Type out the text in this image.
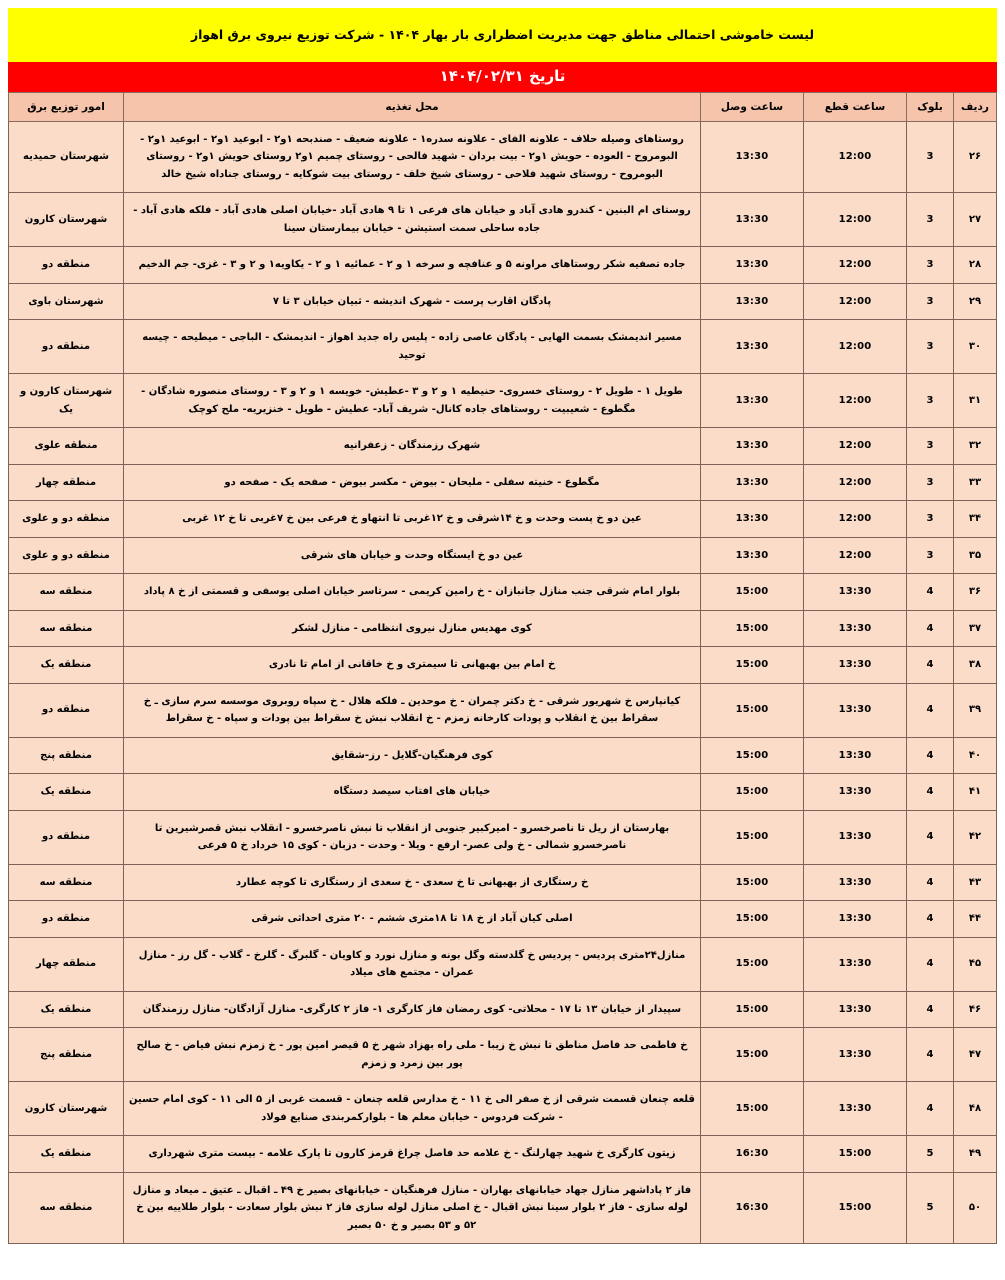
لیست خاموشی احتمالی مناطق جهت مدیریت اضطراری بار بهار ۱۴۰۴ - شرکت توزیع نیروی برق اهواز
تاریخ ۱۴۰۴/۰۲/۳۱
ردیف	بلوک	ساعت قطع	ساعت وصل	محل تغذیه	امور توزیع برق
۲۶	3	12:00	13:30	روستاهای وصیله حلاف - علاونه الفای - علاونه سدره۱ - علاونه ضعیف - صندبحه ۱و۲ - ابوعید ۱و۲ - ابوعید ۱و۲ - البومروح - العوده - حویش ۱و۲ - بیت بردان - شهید فالحی - روستای چمیم ۱و۲ روستای حویش ۱و۲ - روستای البومروح - روستای شهید فلاحی - روستای شیخ خلف - روستای بیت شوکایه - روستای جناداه شیخ خالد	شهرستان حمیدیه
۲۷	3	12:00	13:30	روستای ام البنین - کندرو هادی آباد و خیابان های فرعی ۱ تا ۹ هادی آباد -خیابان اصلی هادی آباد - فلکه هادی آباد - جاده ساحلی سمت استیشن - خیابان بیمارستان سینا	شهرستان کارون
۲۸	3	12:00	13:30	جاده تصفیه شکر روستاهای مراونه ۵ و عنافچه و سرخه ۱ و ۲ - عمائیه ۱ و ۲ - یکاویه۱ و ۲ و ۳ - غزی- جم الدخیم	منطقه دو
۲۹	3	12:00	13:30	پادگان اقارب پرست - شهرک اندیشه - ثبیان خیابان ۳ تا ۷	شهرستان باوی
۳۰	3	12:00	13:30	مسیر اندیمشک بسمت الهایی - پادگان عاصی زاده - پلیس راه جدید اهواز - اندیمشک - الباجی - میطیحه - چیسه توحید	منطقه دو
۳۱	3	12:00	13:30	طویل ۱ - طویل ۲ - روستای خسروی- حنیطیه ۱ و ۲ و ۳ -عطیش- خویسه ۱ و ۲ و ۳ - روستای منصوره شادگان - مگطوع - شعیبیت - روستاهای جاده کانال- شریف آباد- عطیش - طویل - خنزیریه- ملح کوچک	شهرستان کارون و یک
۳۲	3	12:00	13:30	شهرک رزمندگان - زعفرانیه	منطقه علوی
۳۳	3	12:00	13:30	مگطوع - خنیته سفلی - ملیحان - بیوض - مکسر بیوض - صفحه یک - صفحه دو	منطقه چهار
۳۴	3	12:00	13:30	عین دو خ پست وحدت و خ ۱۴شرقی و خ ۱۲غربی تا انتهاو خ فرعی بین خ ۷غربی تا خ ۱۲ غربی	منطقه دو و علوی
۳۵	3	12:00	13:30	عین دو خ ایستگاه وحدت و خیابان های شرقی	منطقه دو و علوی
۳۶	4	13:30	15:00	بلوار امام شرقی جنب منازل جانبازان - خ رامین کریمی - سرتاسر خیابان اصلی یوسفی و قسمتی از خ ۸ پاداد	منطقه سه
۳۷	4	13:30	15:00	کوی مهدیس منازل نیروی انتظامی - منازل لشکر	منطقه سه
۳۸	4	13:30	15:00	خ امام بین بهبهانی تا سیمتری و خ خاقانی از امام تا نادری	منطقه یک
۳۹	4	13:30	15:00	کیانپارس خ شهریور شرقی - خ دکتر چمران - خ موحدین ـ فلکه هلال - خ سپاه روبروی موسسه سرم سازی ـ خ سقراط بین خ انقلاب و پودات کارخانه زمزم - خ انقلاب نبش خ سقراط بین پودات و سپاه - خ سقراط	منطقه دو
۴۰	4	13:30	15:00	کوی فرهنگیان-گلایل - رز-شقایق	منطقه پنج
۴۱	4	13:30	15:00	خیابان های افتاب سیصد دستگاه	منطقه یک
۴۲	4	13:30	15:00	بهارستان از ریل تا ناصرخسرو - امیرکبیر جنوبی از انقلاب تا نبش ناصرخسرو - انقلاب نبش قصرشیرین تا ناصرخسرو شمالی - خ ولی عصر- ارفع - ویلا - وحدت - دزبان - کوی ۱۵ خرداد خ ۵ فرعی	منطقه دو
۴۳	4	13:30	15:00	خ رستگاری از بهبهانی تا خ سعدی - خ سعدی از رستگاری تا کوچه عطارد	منطقه سه
۴۴	4	13:30	15:00	اصلی کیان آباد از خ ۱۸ تا ۱۸متری ششم - ۲۰ متری احداثی شرقی	منطقه دو
۴۵	4	13:30	15:00	منازل۲۴متری پردیس - پردیس خ گلدسته وگل بونه و منازل نورد و کاویان - گلبرگ - گلرخ - گلاب - گل رز - منازل عمران - مجتمع های میلاد	منطقه چهار
۴۶	4	13:30	15:00	سپیدار از خیابان ۱۳ تا ۱۷ - محلاتی- کوی رمضان فاز کارگری ۱- فاز ۲ کارگری- منازل آزادگان- منازل رزمندگان	منطقه یک
۴۷	4	13:30	15:00	خ فاطمی حد فاصل مناطق تا نبش خ زیبا - ملی راه بهزاد شهر خ ۵ قیصر امین پور - خ زمزم نبش فیاض - خ صالح پور بین زمرد و زمزم	منطقه پنج
۴۸	4	13:30	15:00	قلعه چنعان قسمت شرقی از خ صفر الی خ ۱۱ - خ مدارس قلعه چنعان - قسمت غربی از ۵ الی ۱۱ - کوی امام حسین - شرکت فردوس - خیابان معلم ها - بلوارکمربندی صنایع فولاد	شهرستان کارون
۴۹	5	15:00	16:30	زیتون کارگری خ شهید چهارلنگ - خ علامه حد فاصل چراغ قرمز کارون تا پارک علامه - بیست متری شهرداری	منطقه یک
۵۰	5	15:00	16:30	فاز ۲ پاداشهر منازل جهاد خیابانهای بهاران - منازل فرهنگیان - خیابانهای بصیر خ ۴۹ ـ اقبال ـ عتیق ـ میعاد و منازل لوله سازی - فاز ۲ بلوار سینا نبش اقبال - خ اصلی منازل لوله سازی فاز ۲ نبش بلوار سعادت - بلوار طلاییه بین خ ۵۲ و ۵۳ بصیر و خ ۵۰ بصیر	منطقه سه
